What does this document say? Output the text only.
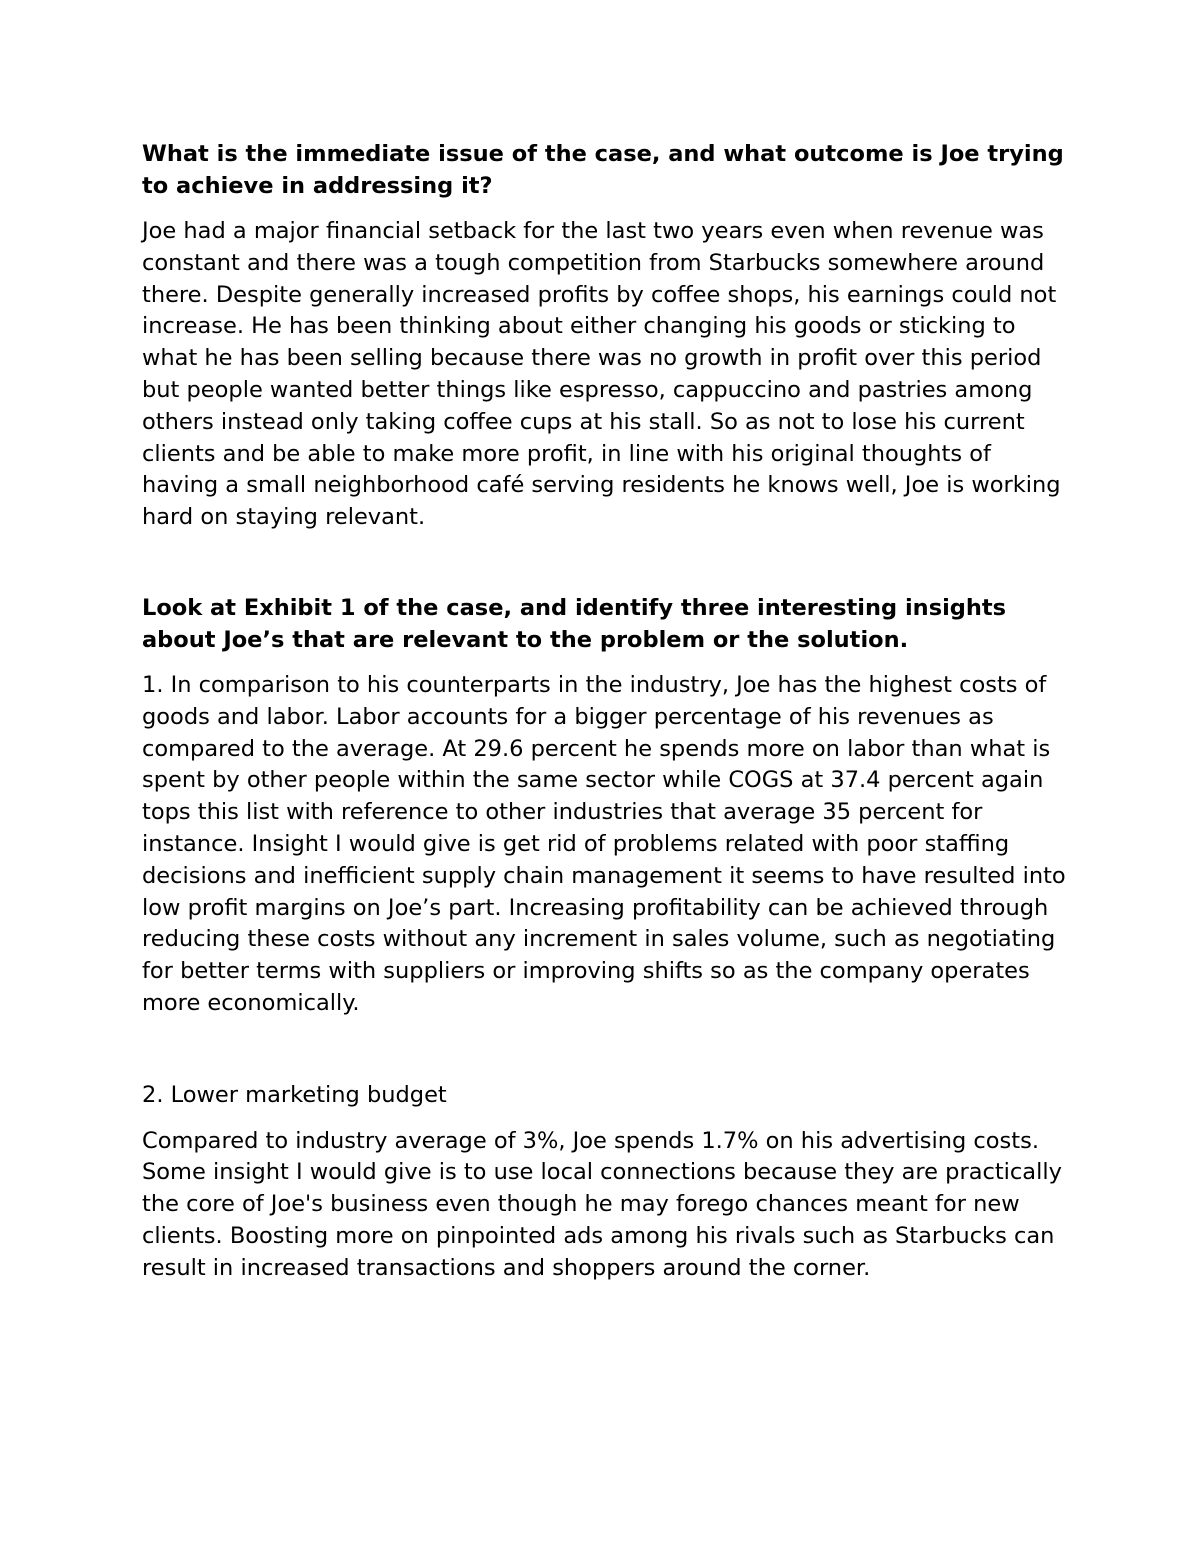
What is the immediate issue of the case, and what outcome is Joe trying to achieve in addressing it?

Joe had a major financial setback for the last two years even when revenue was constant and there was a tough competition from Starbucks somewhere around there. Despite generally increased profits by coffee shops, his earnings could not increase. He has been thinking about either changing his goods or sticking to what he has been selling because there was no growth in profit over this period but people wanted better things like espresso, cappuccino and pastries among others instead only taking coffee cups at his stall. So as not to lose his current clients and be able to make more profit, in line with his original thoughts of having a small neighborhood café serving residents he knows well, Joe is working hard on staying relevant.

Look at Exhibit 1 of the case, and identify three interesting insights about Joe’s that are relevant to the problem or the solution.

1. In comparison to his counterparts in the industry, Joe has the highest costs of goods and labor. Labor accounts for a bigger percentage of his revenues as compared to the average. At 29.6 percent he spends more on labor than what is spent by other people within the same sector while COGS at 37.4 percent again tops this list with reference to other industries that average 35 percent for instance. Insight I would give is get rid of problems related with poor staffing decisions and inefficient supply chain management it seems to have resulted into low profit margins on Joe’s part. Increasing profitability can be achieved through reducing these costs without any increment in sales volume, such as negotiating for better terms with suppliers or improving shifts so as the company operates more economically.

2. Lower marketing budget

Compared to industry average of 3%, Joe spends 1.7% on his advertising costs. Some insight I would give is to use local connections because they are practically the core of Joe's business even though he may forego chances meant for new clients. Boosting more on pinpointed ads among his rivals such as Starbucks can result in increased transactions and shoppers around the corner.
